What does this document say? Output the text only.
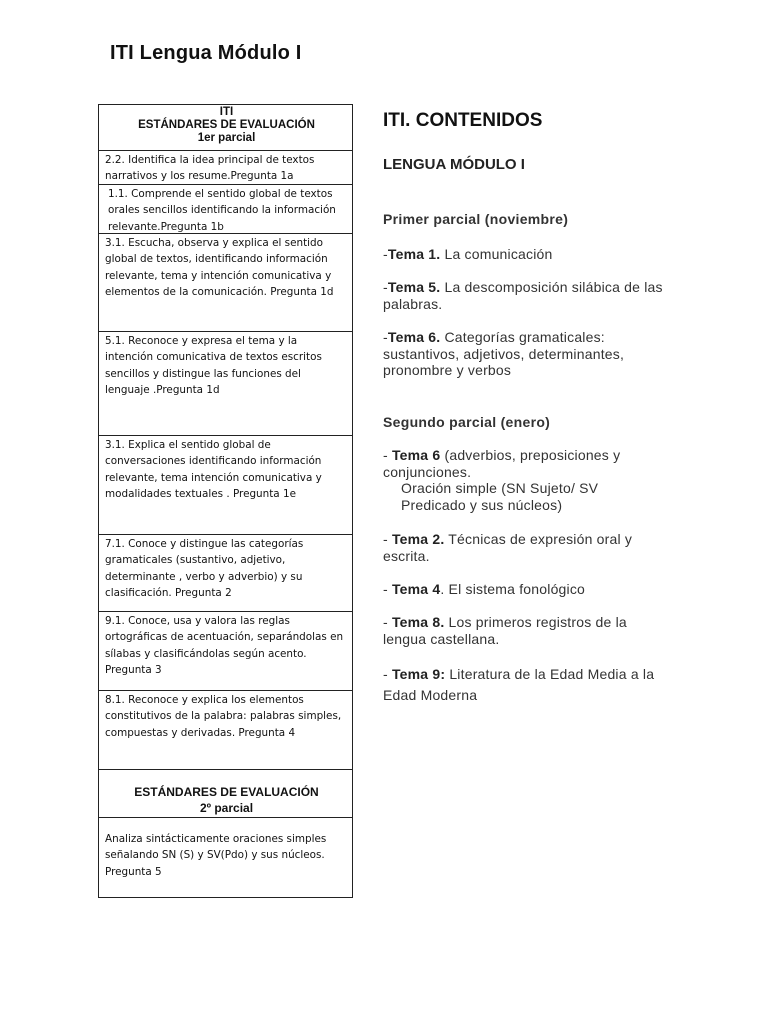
ITI Lengua Módulo I
ITI
ESTÁNDARES DE EVALUACIÓN
1er parcial
2.2. Identifica la idea principal de textos narrativos y los resume.Pregunta 1a
1.1. Comprende el sentido global de textos orales sencillos identificando la información relevante.Pregunta 1b
3.1. Escucha, observa y explica el sentido global de textos, identificando información relevante, tema y intención comunicativa y elementos de la comunicación. Pregunta 1d
5.1. Reconoce y expresa el tema y la intención comunicativa de textos escritos sencillos y distingue las funciones del lenguaje .Pregunta 1d
3.1. Explica el sentido global de conversaciones identificando información relevante, tema intención comunicativa y modalidades textuales . Pregunta 1e
7.1. Conoce y distingue las categorías gramaticales (sustantivo, adjetivo, determinante , verbo y adverbio) y su clasificación. Pregunta 2
9.1. Conoce, usa y valora las reglas ortográficas de acentuación, separándolas en sílabas y clasificándolas según acento. Pregunta 3
8.1. Reconoce y explica los elementos constitutivos de la palabra: palabras simples, compuestas y derivadas. Pregunta 4
ESTÁNDARES DE EVALUACIÓN
2º parcial
Analiza sintácticamente oraciones simples señalando SN (S) y SV(Pdo) y sus núcleos. Pregunta 5
ITI. CONTENIDOS
LENGUA MÓDULO I
Primer parcial (noviembre)
-Tema 1. La comunicación
-Tema 5. La descomposición silábica de las palabras.
-Tema 6. Categorías gramaticales: sustantivos, adjetivos, determinantes, pronombre y verbos
Segundo parcial (enero)
- Tema 6 (adverbios, preposiciones y conjunciones.
Oración simple (SN Sujeto/ SV Predicado y sus núcleos)
- Tema 2. Técnicas de expresión oral y escrita.
- Tema 4. El sistema fonológico
- Tema 8. Los primeros registros de la lengua castellana.
- Tema 9: Literatura de la Edad Media a la Edad Moderna
